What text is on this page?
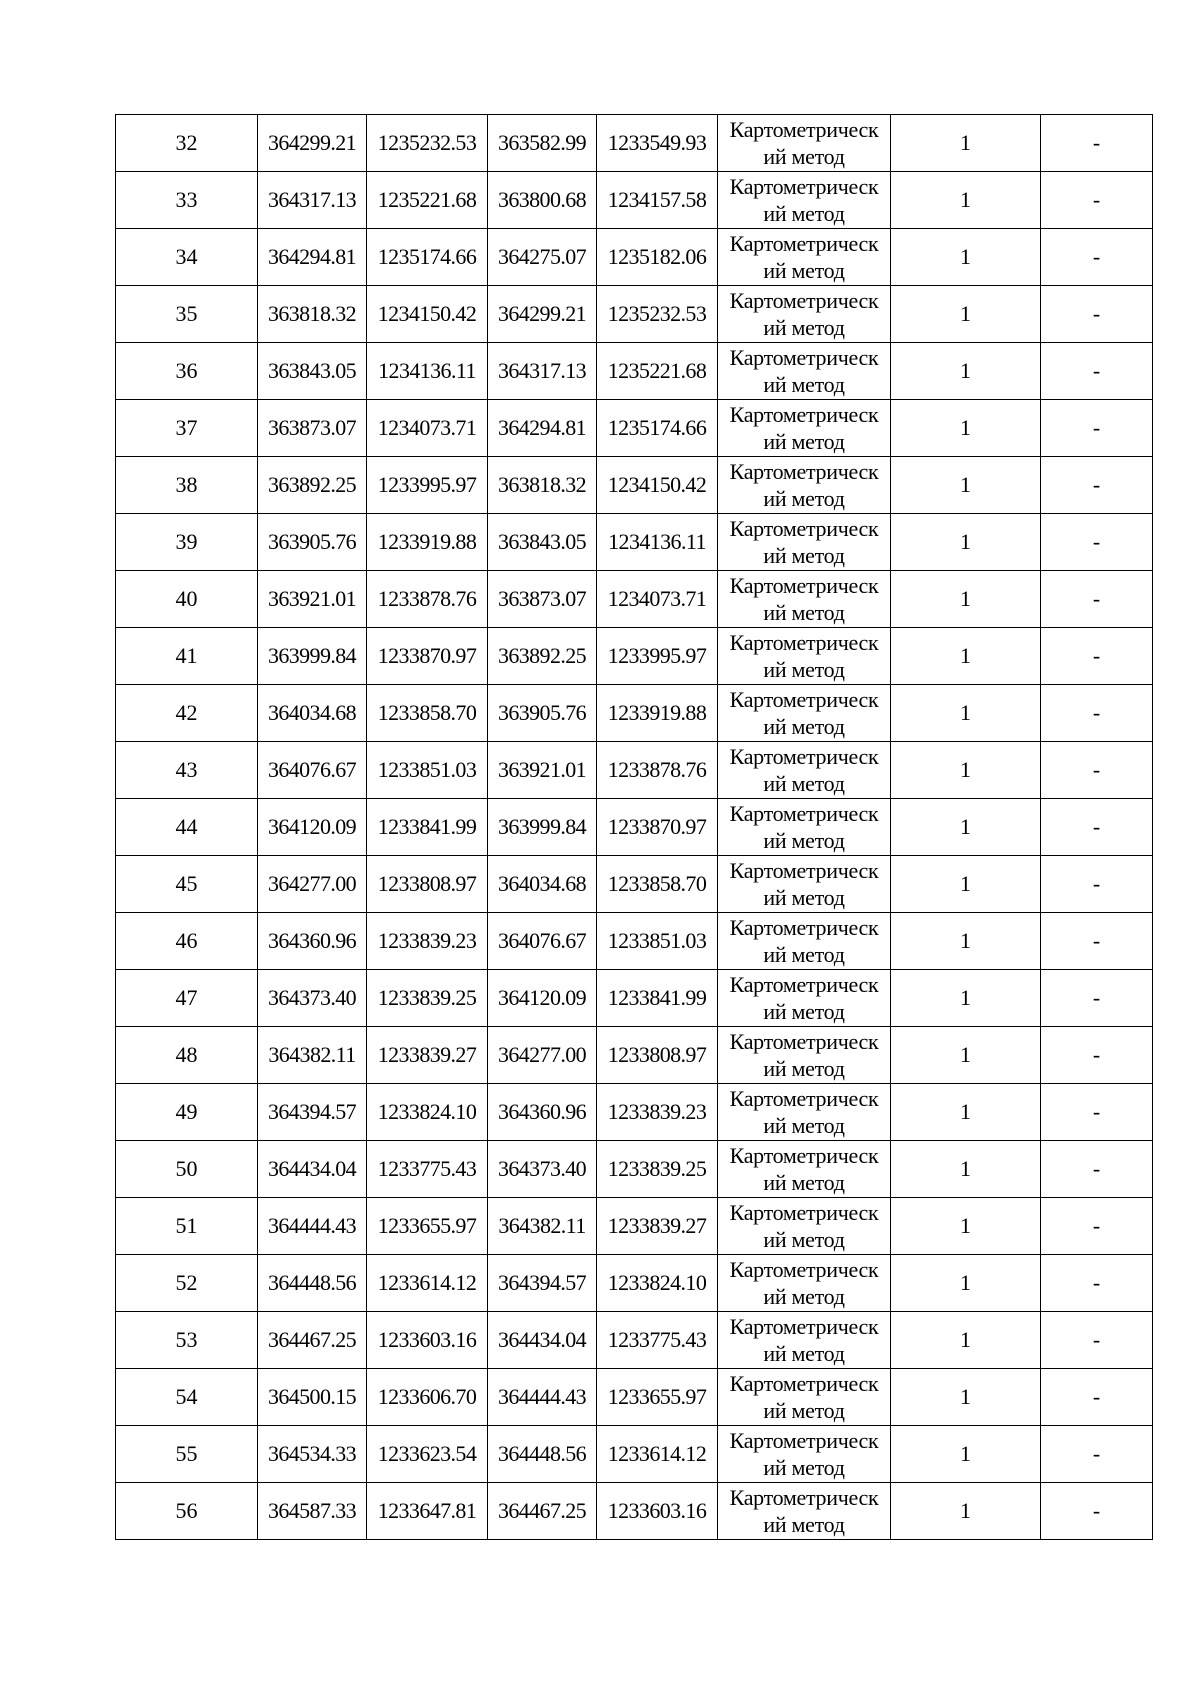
32	364299.21	1235232.53	363582.99	1233549.93	Картометрическ
ий метод	1	-
33	364317.13	1235221.68	363800.68	1234157.58	Картометрическ
ий метод	1	-
34	364294.81	1235174.66	364275.07	1235182.06	Картометрическ
ий метод	1	-
35	363818.32	1234150.42	364299.21	1235232.53	Картометрическ
ий метод	1	-
36	363843.05	1234136.11	364317.13	1235221.68	Картометрическ
ий метод	1	-
37	363873.07	1234073.71	364294.81	1235174.66	Картометрическ
ий метод	1	-
38	363892.25	1233995.97	363818.32	1234150.42	Картометрическ
ий метод	1	-
39	363905.76	1233919.88	363843.05	1234136.11	Картометрическ
ий метод	1	-
40	363921.01	1233878.76	363873.07	1234073.71	Картометрическ
ий метод	1	-
41	363999.84	1233870.97	363892.25	1233995.97	Картометрическ
ий метод	1	-
42	364034.68	1233858.70	363905.76	1233919.88	Картометрическ
ий метод	1	-
43	364076.67	1233851.03	363921.01	1233878.76	Картометрическ
ий метод	1	-
44	364120.09	1233841.99	363999.84	1233870.97	Картометрическ
ий метод	1	-
45	364277.00	1233808.97	364034.68	1233858.70	Картометрическ
ий метод	1	-
46	364360.96	1233839.23	364076.67	1233851.03	Картометрическ
ий метод	1	-
47	364373.40	1233839.25	364120.09	1233841.99	Картометрическ
ий метод	1	-
48	364382.11	1233839.27	364277.00	1233808.97	Картометрическ
ий метод	1	-
49	364394.57	1233824.10	364360.96	1233839.23	Картометрическ
ий метод	1	-
50	364434.04	1233775.43	364373.40	1233839.25	Картометрическ
ий метод	1	-
51	364444.43	1233655.97	364382.11	1233839.27	Картометрическ
ий метод	1	-
52	364448.56	1233614.12	364394.57	1233824.10	Картометрическ
ий метод	1	-
53	364467.25	1233603.16	364434.04	1233775.43	Картометрическ
ий метод	1	-
54	364500.15	1233606.70	364444.43	1233655.97	Картометрическ
ий метод	1	-
55	364534.33	1233623.54	364448.56	1233614.12	Картометрическ
ий метод	1	-
56	364587.33	1233647.81	364467.25	1233603.16	Картометрическ
ий метод	1	-
